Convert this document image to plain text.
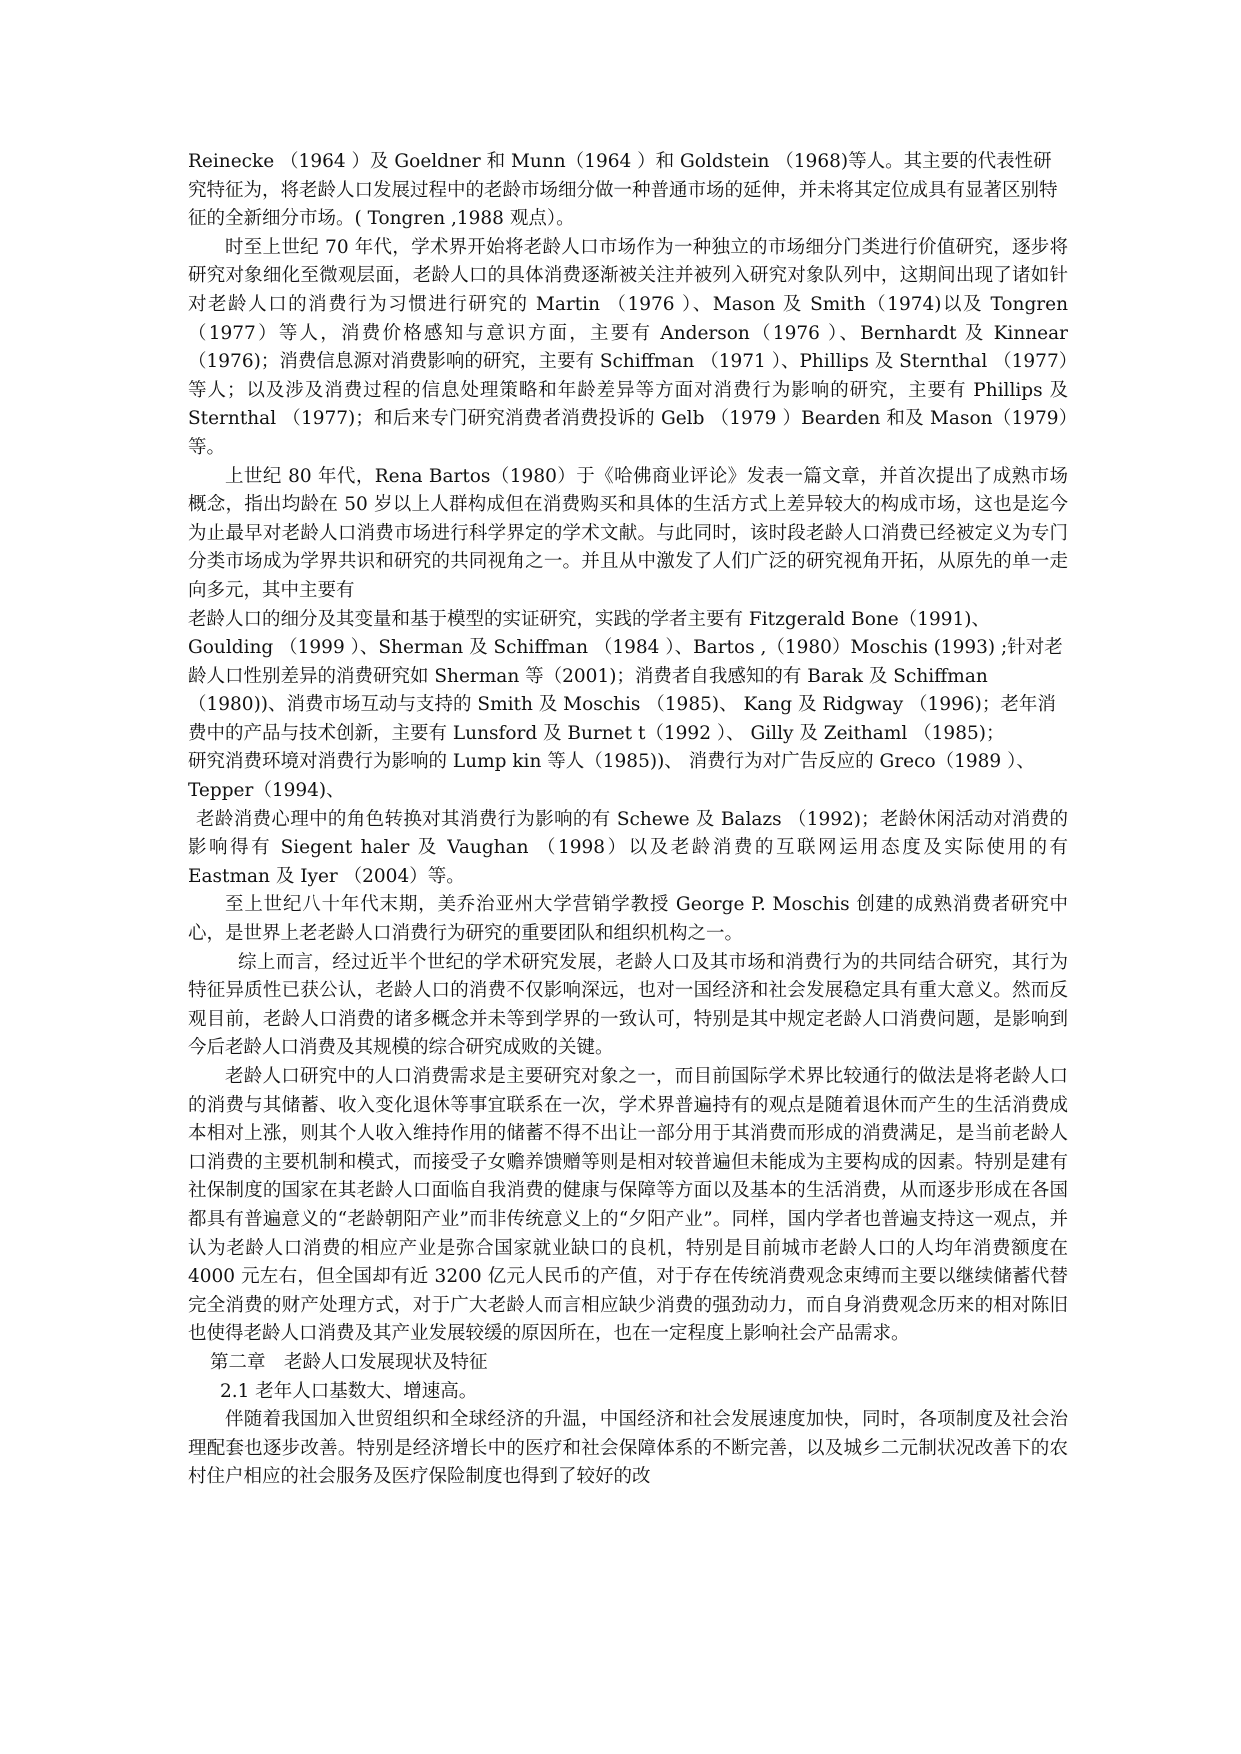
Reinecke （1964 ）及 Goeldner 和 Munn（1964 ）和 Goldstein （1968)等人。其主要的代表性研究特征为，将老龄人口发展过程中的老龄市场细分做一种普通市场的延伸，并未将其定位成具有显著区别特征的全新细分市场。( Tongren ,1988 观点）。

时至上世纪 70 年代，学术界开始将老龄人口市场作为一种独立的市场细分门类进行价值研究，逐步将研究对象细化至微观层面，老龄人口的具体消费逐渐被关注并被列入研究对象队列中，这期间出现了诸如针对老龄人口的消费行为习惯进行研究的 Martin （1976 ）、Mason 及 Smith（1974)以及 Tongren （1977）等人，消费价格感知与意识方面，主要有 Anderson（1976 ）、Bernhardt 及 Kinnear （1976)；消费信息源对消费影响的研究，主要有 Schiffman （1971 ）、Phillips 及 Sternthal （1977）等人；以及涉及消费过程的信息处理策略和年龄差异等方面对消费行为影响的研究，主要有 Phillips 及 Sternthal （1977)；和后来专门研究消费者消费投诉的 Gelb （1979 ）Bearden 和及 Mason（1979）等。

上世纪 80 年代，Rena Bartos（1980）于《哈佛商业评论》发表一篇文章，并首次提出了成熟市场概念，指出均龄在 50 岁以上人群构成但在消费购买和具体的生活方式上差异较大的构成市场，这也是迄今为止最早对老龄人口消费市场进行科学界定的学术文献。与此同时，该时段老龄人口消费已经被定义为专门分类市场成为学界共识和研究的共同视角之一。并且从中激发了人们广泛的研究视角开拓，从原先的单一走向多元，其中主要有

老龄人口的细分及其变量和基于模型的实证研究，实践的学者主要有 Fitzgerald Bone（1991)、Goulding （1999 ）、Sherman 及 Schiffman （1984 ）、Bartos ,（1980）Moschis (1993) ;针对老龄人口性别差异的消费研究如 Sherman 等（2001)；消费者自我感知的有 Barak 及 Schiffman（1980))、消费市场互动与支持的 Smith 及 Moschis （1985)、 Kang 及 Ridgway （1996)；老年消费中的产品与技术创新，主要有 Lunsford 及 Burnet t（1992 ）、 Gilly 及 Zeithaml （1985)；

研究消费环境对消费行为影响的 Lump kin 等人（1985))、 消费行为对广告反应的 Greco（1989 ）、Tepper（1994)、

老龄消费心理中的角色转换对其消费行为影响的有 Schewe 及 Balazs （1992)；老龄休闲活动对消费的影响得有 Siegent haler 及 Vaughan （1998）以及老龄消费的互联网运用态度及实际使用的有 Eastman 及 Iyer （2004）等。

至上世纪八十年代末期，美乔治亚州大学营销学教授 George P. Moschis 创建的成熟消费者研究中心，是世界上老老龄人口消费行为研究的重要团队和组织机构之一。

综上而言，经过近半个世纪的学术研究发展，老龄人口及其市场和消费行为的共同结合研究，其行为特征异质性已获公认，老龄人口的消费不仅影响深远，也对一国经济和社会发展稳定具有重大意义。然而反观目前，老龄人口消费的诸多概念并未等到学界的一致认可，特别是其中规定老龄人口消费问题，是影响到今后老龄人口消费及其规模的综合研究成败的关键。

老龄人口研究中的人口消费需求是主要研究对象之一，而目前国际学术界比较通行的做法是将老龄人口的消费与其储蓄、收入变化退休等事宜联系在一次，学术界普遍持有的观点是随着退休而产生的生活消费成本相对上涨，则其个人收入维持作用的储蓄不得不出让一部分用于其消费而形成的消费满足，是当前老龄人口消费的主要机制和模式，而接受子女赡养馈赠等则是相对较普遍但未能成为主要构成的因素。特别是建有社保制度的国家在其老龄人口面临自我消费的健康与保障等方面以及基本的生活消费，从而逐步形成在各国都具有普遍意义的“老龄朝阳产业”而非传统意义上的“夕阳产业”。同样，国内学者也普遍支持这一观点，并认为老龄人口消费的相应产业是弥合国家就业缺口的良机，特别是目前城市老龄人口的人均年消费额度在 4000 元左右，但全国却有近 3200 亿元人民币的产值，对于存在传统消费观念束缚而主要以继续储蓄代替完全消费的财产处理方式，对于广大老龄人而言相应缺少消费的强劲动力，而自身消费观念历来的相对陈旧也使得老龄人口消费及其产业发展较缓的原因所在，也在一定程度上影响社会产品需求。

第二章　老龄人口发展现状及特征

2.1 老年人口基数大、增速高。

伴随着我国加入世贸组织和全球经济的升温，中国经济和社会发展速度加快，同时，各项制度及社会治理配套也逐步改善。特别是经济增长中的医疗和社会保障体系的不断完善，以及城乡二元制状况改善下的农村住户相应的社会服务及医疗保险制度也得到了较好的改
